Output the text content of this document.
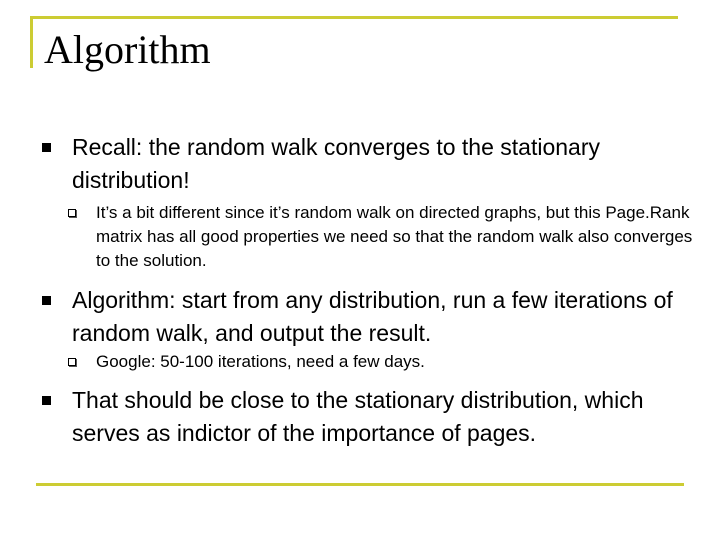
Algorithm
Recall: the random walk converges to the stationary distribution!
It’s a bit different since it’s random walk on directed graphs, but this Page.Rank matrix has all good properties we need so that the random walk also converges to the solution.
Algorithm: start from any distribution, run a few iterations of random walk, and output the result.
Google: 50-100 iterations, need a few days.
That should be close to the stationary distribution, which serves as indictor of the importance of pages.
